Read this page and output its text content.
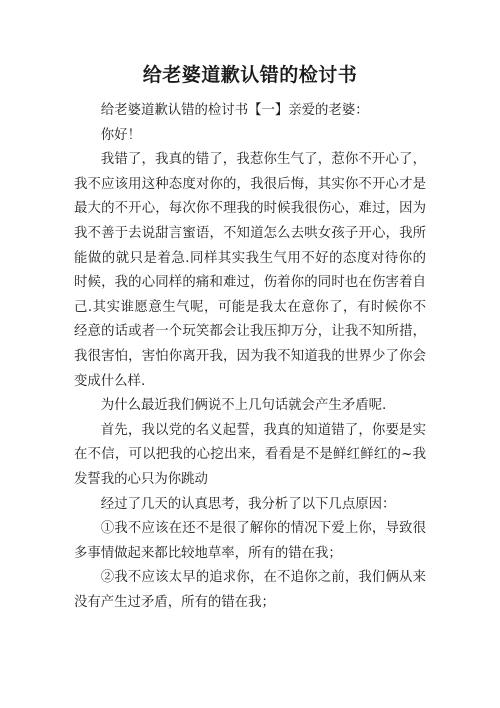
给老婆道歉认错的检讨书

给老婆道歉认错的检讨书【一】亲爱的老婆：

你好！

我错了，我真的错了，我惹你生气了，惹你不开心了，我不应该用这种态度对你的，我很后悔，其实你不开心才是最大的不开心，每次你不理我的时候我很伤心，难过，因为我不善于去说甜言蜜语，不知道怎么去哄女孩子开心，我所能做的就只是着急.同样其实我生气用不好的态度对待你的时候，我的心同样的痛和难过，伤着你的同时也在伤害着自己.其实谁愿意生气呢，可能是我太在意你了，有时候你不经意的话或者一个玩笑都会让我压抑万分，让我不知所措，我很害怕，害怕你离开我，因为我不知道我的世界少了你会变成什么样.

为什么最近我们俩说不上几句话就会产生矛盾呢.

首先，我以党的名义起誓，我真的知道错了，你要是实在不信，可以把我的心挖出来，看看是不是鲜红鲜红的~我发誓我的心只为你跳动

经过了几天的认真思考，我分析了以下几点原因：

①我不应该在还不是很了解你的情况下爱上你，导致很多事情做起来都比较地草率，所有的错在我；

②我不应该太早的追求你，在不追你之前，我们俩从来没有产生过矛盾，所有的错在我；
